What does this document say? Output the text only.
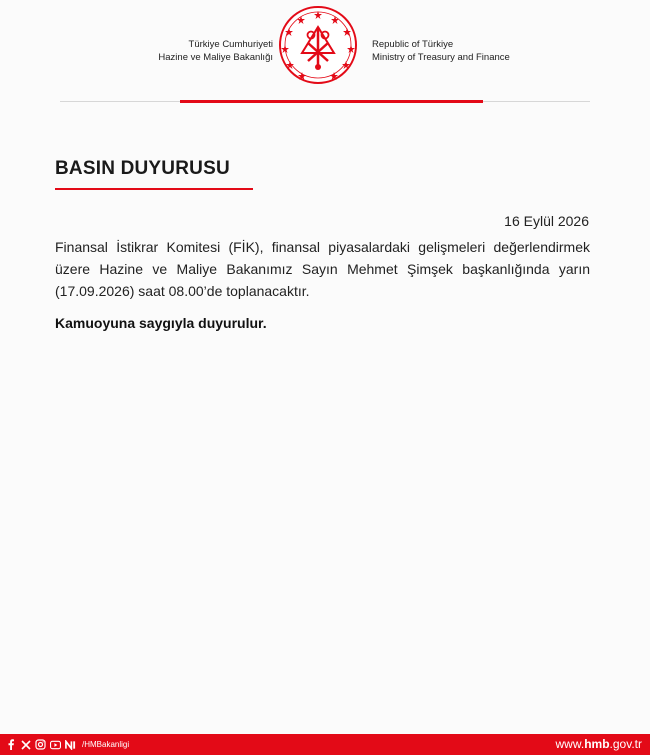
Türkiye Cumhuriyeti
Hazine ve Maliye Bakanlığı
Republic of Türkiye
Ministry of Treasury and Finance
BASIN DUYURUSU
16 Eylül 2026
Finansal İstikrar Komitesi (FİK), finansal piyasalardaki gelişmeleri değerlendirmek üzere Hazine ve Maliye Bakanımız Sayın Mehmet Şimşek başkanlığında yarın (17.09.2026) saat 08.00’de toplanacaktır.
Kamuoyuna saygıyla duyurulur.
/HMBakanligi	www.hmb.gov.tr
